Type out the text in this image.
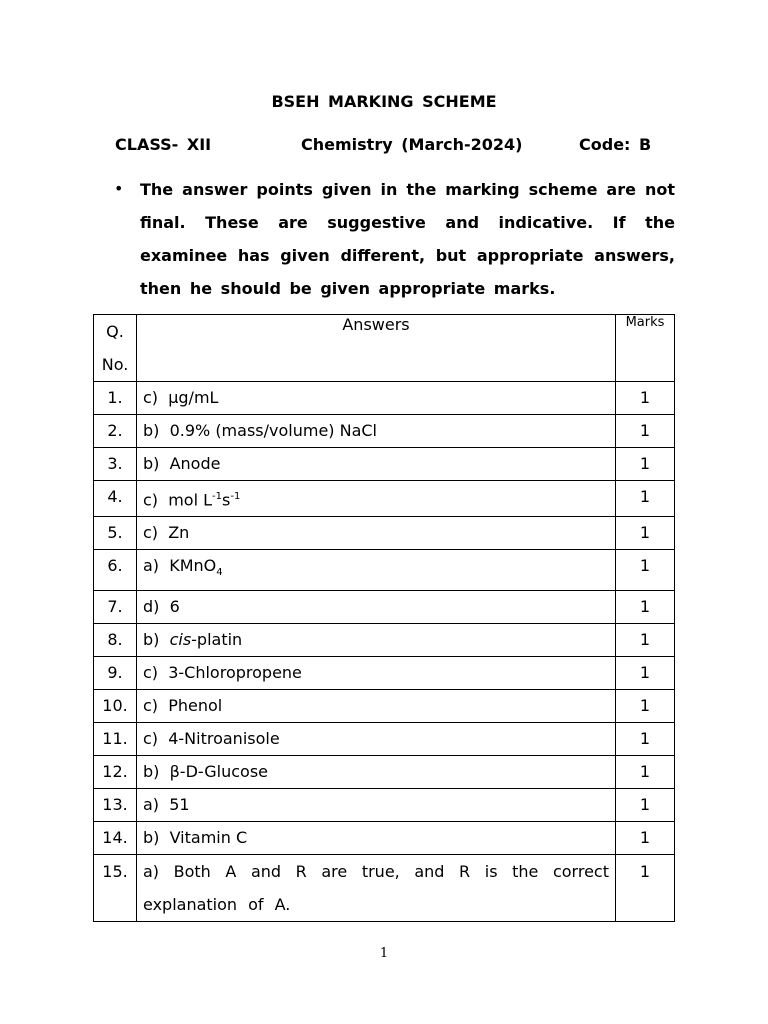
BSEH MARKING SCHEME
CLASS- XII	Chemistry (March-2024)	Code: B
• The answer points given in the marking scheme are not final. These are suggestive and indicative. If the examinee has given different, but appropriate answers, then he should be given appropriate marks.

Q.
No.	Answers	Marks
1.	c) µg/mL	1
2.	b) 0.9% (mass/volume) NaCl	1
3.	b) Anode	1
4.	c) mol $L^{-1}s^{-1}$	1
5.	c) Zn	1
6.	a) KMnO$_4$	1
7.	d) 6	1
8.	b) cis-platin	1
9.	c) 3-Chloropropene	1
10.	c) Phenol	1
11.	c) 4-Nitroanisole	1
12.	b) β-D-Glucose	1
13.	a) 51	1
14.	b) Vitamin C	1
15.	a) Both A and R are true, and R is the correct explanation of A.	1
1
